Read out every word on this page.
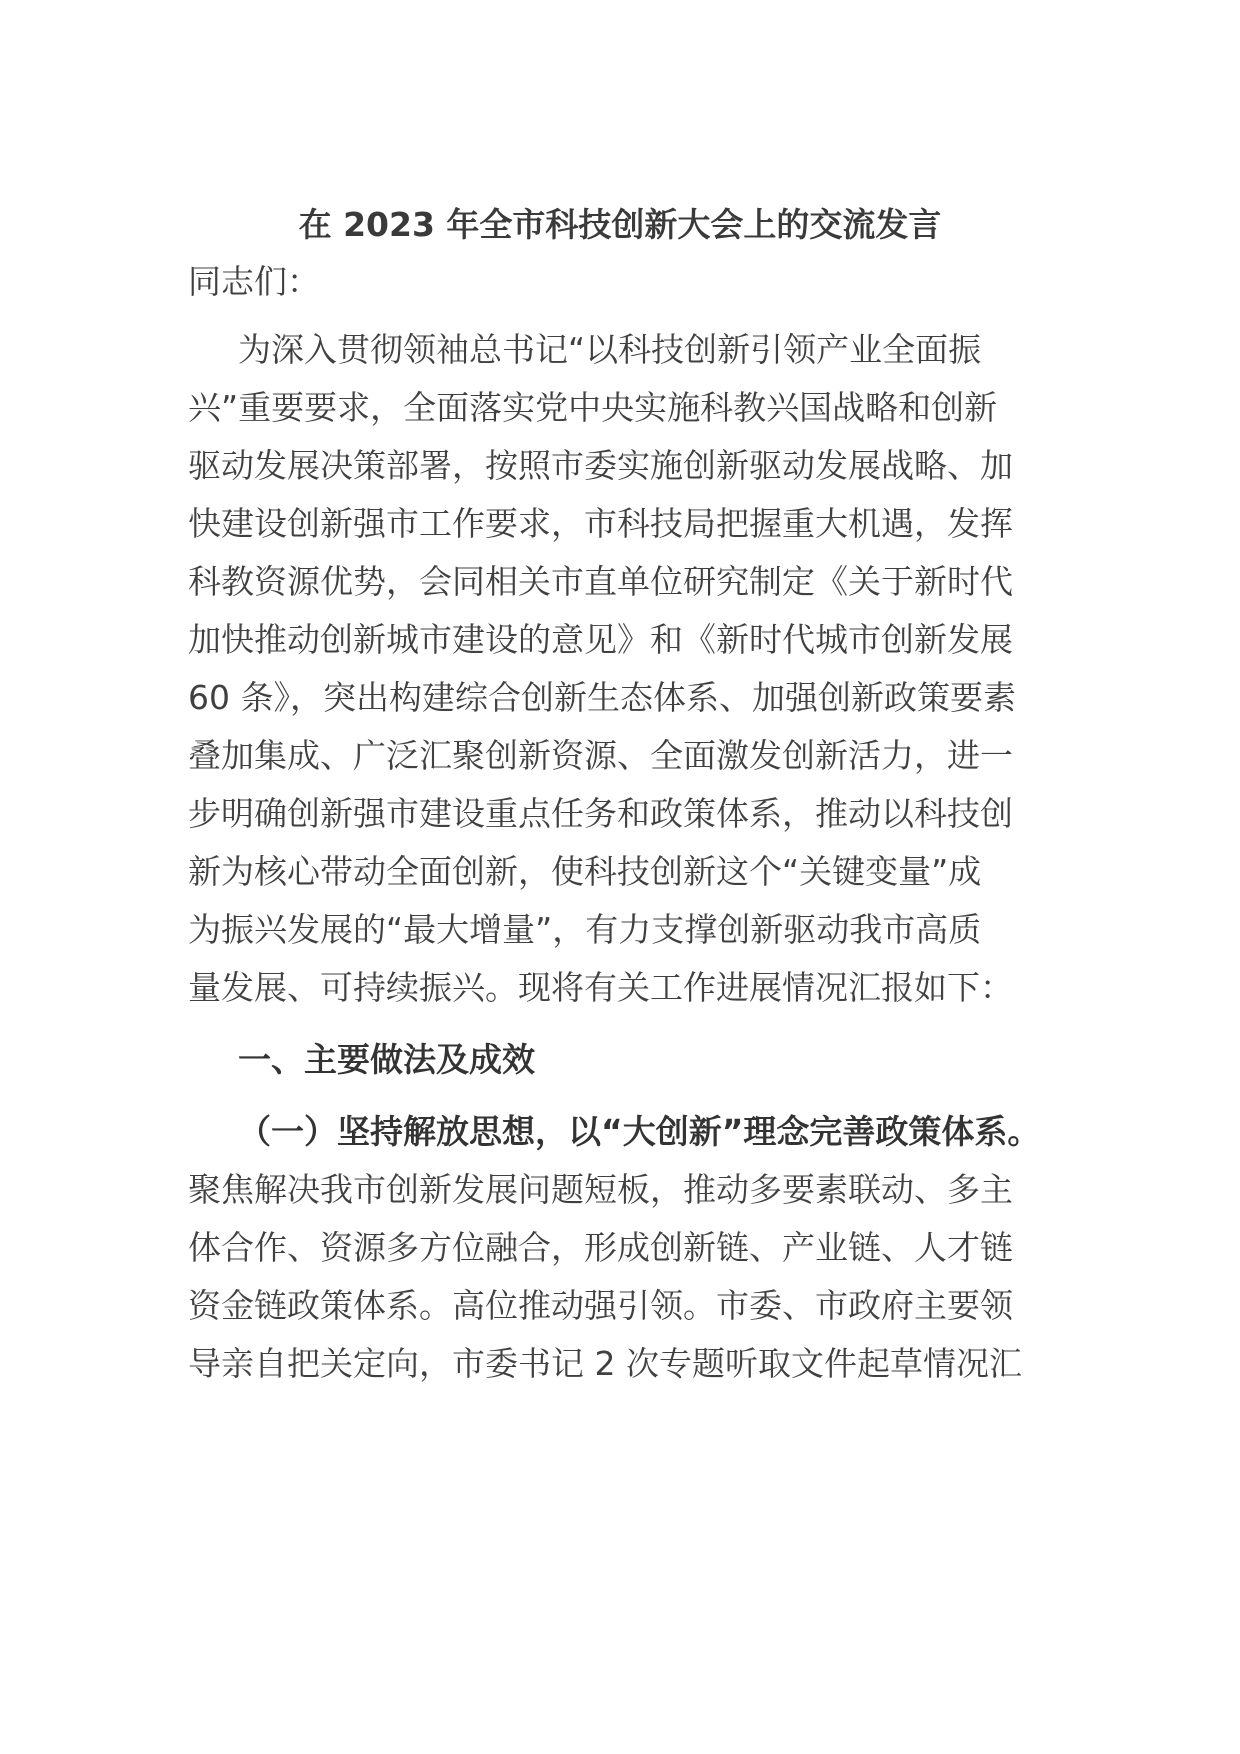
在 2023 年全市科技创新大会上的交流发言
同志们：
为深入贯彻领袖总书记“以科技创新引领产业全面振
兴”重要要求，全面落实党中央实施科教兴国战略和创新
驱动发展决策部署，按照市委实施创新驱动发展战略、加
快建设创新强市工作要求，市科技局把握重大机遇，发挥
科教资源优势，会同相关市直单位研究制定《关于新时代
加快推动创新城市建设的意见》和《新时代城市创新发展
60 条》，突出构建综合创新生态体系、加强创新政策要素
叠加集成、广泛汇聚创新资源、全面激发创新活力，进一
步明确创新强市建设重点任务和政策体系，推动以科技创
新为核心带动全面创新，使科技创新这个“关键变量”成
为振兴发展的“最大增量”，有力支撑创新驱动我市高质
量发展、可持续振兴。现将有关工作进展情况汇报如下：
一、主要做法及成效
（一）坚持解放思想，以“大创新”理念完善政策体系。
聚焦解决我市创新发展问题短板，推动多要素联动、多主
体合作、资源多方位融合，形成创新链、产业链、人才链
资金链政策体系。高位推动强引领。市委、市政府主要领
导亲自把关定向，市委书记 2 次专题听取文件起草情况汇
